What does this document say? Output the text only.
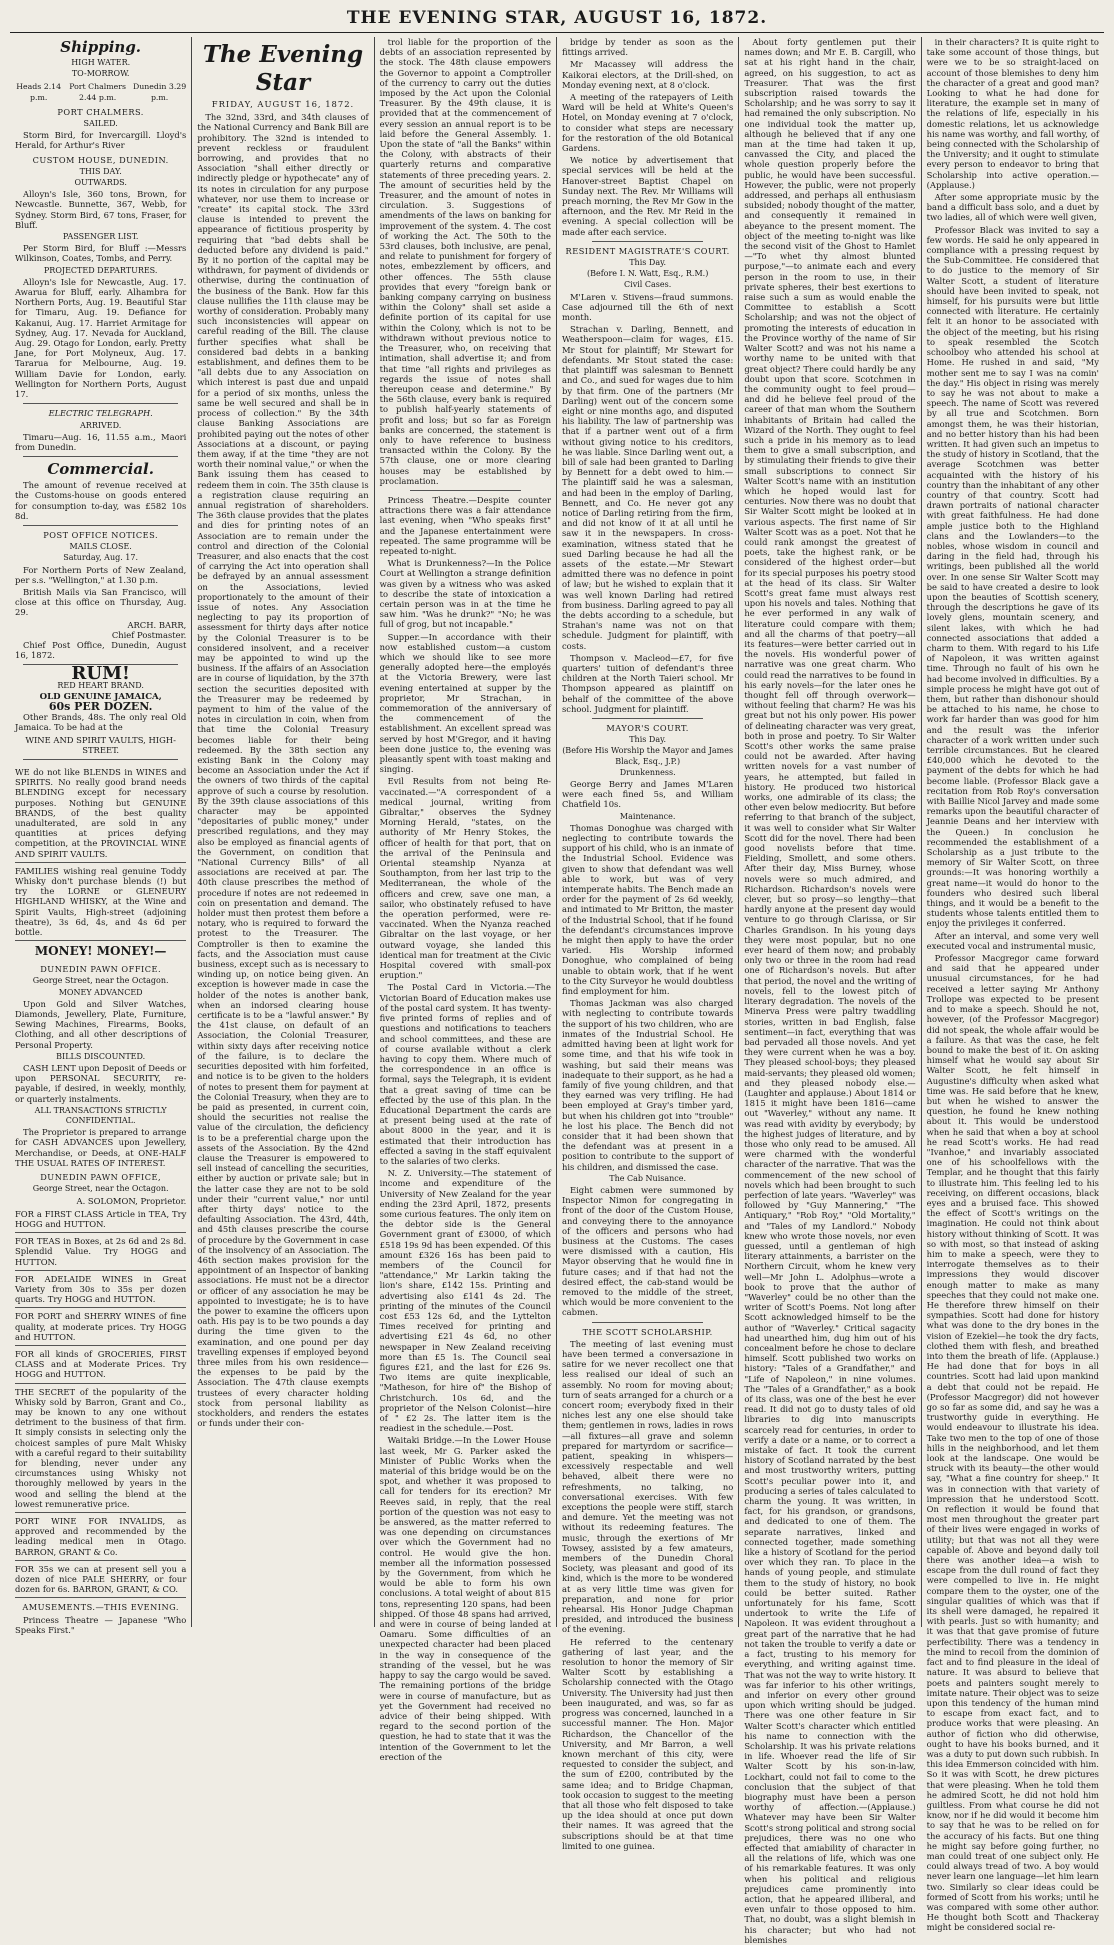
THE EVENING STAR, AUGUST 16, 1872.
Shipping.
HIGH WATER.
TO-MORROW.
Heads 2.14 p.m.
Port Chalmers 2.44 p.m.
Dunedin 3.29 p.m.
PORT CHALMERS.
SAILED.

Storm Bird, for Invercargill. Lloyd's Herald, for Arthur's River

CUSTOM HOUSE, DUNEDIN.
THIS DAY.
OUTWARDS.

Alloyn's Isle, 360 tons, Brown, for Newcastle. Bunnette, 367, Webb, for Sydney. Storm Bird, 67 tons, Fraser, for Bluff.

PASSENGER LIST.

Per Storm Bird, for Bluff :—Messrs Wilkinson, Coates, Tombs, and Perry.

PROJECTED DEPARTURES.

Alloyn's Isle for Newcastle, Aug. 17. Awarua for Bluff, early. Alhambra for Northern Ports, Aug. 19. Beautiful Star for Timaru, Aug. 19. Defiance for Kakanui, Aug. 17. Harriet Armitage for Sydney, Aug. 17. Nevada for Auckland, Aug. 29. Otago for London, early. Pretty Jane, for Port Molyneux, Aug. 17. Tararua for Melbourne, Aug. 19. William Davie for London, early. Wellington for Northern Ports, August 17.

ELECTRIC TELEGRAPH.
ARRIVED.

Timaru—Aug. 16, 11.55 a.m., Maori from Dunedin.

Commercial.

The amount of revenue received at the Customs-house on goods entered for consumption to-day, was £582 10s 8d.

POST OFFICE NOTICES.
MAILS CLOSE.
Saturday, Aug. 17.

For Northern Ports of New Zealand, per s.s. "Wellington," at 1.30 p.m.

British Mails via San Francisco, will close at this office on Thursday, Aug. 29.

ARCH. BARR,
Chief Postmaster.

Chief Post Office, Dunedin, August 16, 1872.

RUM!
RED HEART BRAND.
OLD GENUINE JAMAICA,
60s PER DOZEN.

Other Brands, 48s. The only real Old Jamaica. To be had at the

WINE AND SPIRIT VAULTS, HIGH-STREET.
WE do not like BLENDS in WINES and SPIRITS. No really good brand needs BLENDING except for necessary purposes. Nothing but GENUINE BRANDS, of the best quality unadulterated, are sold in any quantities at prices defying competition, at the PROVINCIAL WINE AND SPIRIT VAULTS.
FAMILIES wishing real genuine Toddy Whisky don't purchase blends (!) but try the LORNE or GLENEURY HIGHLAND WHISKY, at the Wine and Spirit Vaults, High-street (adjoining theatre), 3s 6d, 4s, and 4s 6d per bottle.
MONEY! MONEY!—
DUNEDIN PAWN OFFICE.
George Street, near the Octagon.
MONEY ADVANCED

Upon Gold and Silver Watches, Diamonds, Jewellery, Plate, Furniture, Sewing Machines, Firearms, Books, Clothing, and all other descriptions of Personal Property.

BILLS DISCOUNTED.

CASH LENT upon Deposit of Deeds or upon PERSONAL SECURITY, re-payable, if desired, in weekly, monthly, or quarterly instalments.

ALL TRANSACTIONS STRICTLY CONFIDENTIAL.

The Proprietor is prepared to arrange for CASH ADVANCES upon Jewellery, Merchandise, or Deeds, at ONE-HALF THE USUAL RATES OF INTEREST.

DUNEDIN PAWN OFFICE,
George Street, near the Octagon.
A. SOLOMON, Proprietor.
FOR a FIRST CLASS Article in TEA, Try HOGG and HUTTON.
FOR TEAS in Boxes, at 2s 6d and 2s 8d. Splendid Value. Try HOGG and HUTTON.
FOR ADELAIDE WINES in Great Variety from 30s to 35s per dozen quarts. Try HOGG and HUTTON.
FOR PORT and SHERRY WINES of fine quality, at moderate prices. Try HOGG and HUTTON.
FOR all kinds of GROCERIES, FIRST CLASS and at Moderate Prices. Try HOGG and HUTTON.
THE SECRET of the popularity of the Whisky sold by Barron, Grant and Co., may be known to any one without detriment to the business of that firm. It simply consists in selecting only the choicest samples of pure Malt Whisky with a careful regard to their suitability for blending, never under any circumstances using Whisky not thoroughly mellowed by years in the wood and selling the blend at the lowest remunerative price.
PORT WINE FOR INVALIDS, as approved and recommended by the leading medical men in Otago. BARRON, GRANT & Co.
FOR 35s we can at present sell you a dozen of nice PALE SHERRY, or four dozen for 6s. BARRON, GRANT, & CO.
AMUSEMENTS.—THIS EVENING.

Princess Theatre — Japanese "Who Speaks First."

The Evening Star
FRIDAY, AUGUST 16, 1872.

The 32nd, 33rd, and 34th clauses of the National Currency and Bank Bill are prohibitory. The 32nd is intended to prevent reckless or fraudulent borrowing, and provides that no Association "shall either directly or indirectly pledge or hypothecate" any of its notes in circulation for any purpose whatever, nor use them to increase or "create" its capital stock. The 33rd clause is intended to prevent the appearance of fictitious prosperity by requiring that "bad debts shall be deducted before any dividend is paid." By it no portion of the capital may be withdrawn, for payment of dividends or otherwise, during the continuation of the business of the Bank. How far this clause nullifies the 11th clause may be worthy of consideration. Probably many such inconsistencies will appear on careful reading of the Bill. The clause further specifies what shall be considered bad debts in a banking establishment, and defines them to be "all debts due to any Association on which interest is past due and unpaid for a period of six months, unless the same be well secured and shall be in process of collection." By the 34th clause Banking Associations are prohibited paying out the notes of other Associations at a discount, or paying them away, if at the time "they are not worth their nominal value," or when the Bank issuing them has ceased to redeem them in coin. The 35th clause is a registration clause requiring an annual registration of shareholders. The 36th clause provides that the plates and dies for printing notes of an Association are to remain under the control and direction of the Colonial Treasurer, and also enacts that the cost of carrying the Act into operation shall be defrayed by an annual assessment on the Associations, levied proportionately to the amount of their issue of notes. Any Association neglecting to pay its proportion of assessment for thirty days after notice by the Colonial Treasurer is to be considered insolvent, and a receiver may be appointed to wind up the business. If the affairs of an Association are in course of liquidation, by the 37th section the securities deposited with the Treasurer may be redeemed by payment to him of the value of the notes in circulation in coin, when from that time the Colonial Treasury becomes liable for their being redeemed. By the 38th section any existing Bank in the Colony may become an Association under the Act if the owners of two thirds of the capital approve of such a course by resolution. By the 39th clause associations of this character may be appointed "depositaries of public money," under prescribed regulations, and they may also be employed as financial agents of the Government, on condition that "National Currency Bills" of all associations are received at par. The 40th clause prescribes the method of procedure if notes are not redeemed in coin on presentation and demand. The holder must then protest them before a notary, who is required to forward the protest to the Treasurer. The Comptroller is then to examine the facts, and the Association must cause business, except such as is necessary to winding up, on notice being given. An exception is however made in case the holder of the notes is another bank, when an indorsed clearing house certificate is to be a "lawful answer." By the 41st clause, on default of an Association, the Colonial Treasurer, within sixty days after receiving notice of the failure, is to declare the securities deposited with him forfeited, and notice is to be given to the holders of notes to present them for payment at the Colonial Treasury, when they are to be paid as presented, in current coin, should the securities not realise the value of the circulation, the deficiency is to be a preferential charge upon the assets of the Association. By the 42nd clause the Treasurer is empowered to sell instead of cancelling the securities, either by auction or private sale; but in the latter case they are not to be sold under their "current value," nor until after thirty days' notice to the defaulting Association. The 43rd, 44th, and 45th clauses prescribe the course of procedure by the Government in case of the insolvency of an Association. The 46th section makes provision for the appointment of an Inspector of banking associations. He must not be a director or officer of any association he may be appointed to investigate; he is to have the power to examine the officers upon oath. His pay is to be two pounds a day during the time given to the examination, and one pound per day travelling expenses if employed beyond three miles from his own residence—the expenses to be paid by the Association. The 47th clause exempts trustees of every character holding stock from personal liability as stockholders, and renders the estates or funds under their con-

trol liable for the proportion of the debts of an association represented by the stock. The 48th clause empowers the Governor to appoint a Comptroller of the currency to carry out the duties imposed by the Act upon the Colonial Treasurer. By the 49th clause, it is provided that at the commencement of every session an annual report is to be laid before the General Assembly. 1. Upon the state of "all the Banks" within the Colony, with abstracts of their quarterly returns and comparative statements of three preceding years. 2. The amount of securities held by the Treasurer, and the amount of notes in circulation. 3. Suggestions of amendments of the laws on banking for improvement of the system. 4. The cost of working the Act. The 50th to the 53rd clauses, both inclusive, are penal, and relate to punishment for forgery of notes, embezzlement by officers, and other offences. The 55th clause provides that every "foreign bank or banking company carrying on business within the Colony" shall set aside a definite portion of its capital for use within the Colony, which is not to be withdrawn without previous notice to the Treasurer, who, on receiving that intimation, shall advertise it; and from that time "all rights and privileges as regards the issue of notes shall thereupon cease and determine." By the 56th clause, every bank is required to publish half-yearly statements of profit and loss; but so far as Foreign banks are concerned, the statement is only to have reference to business transacted within the Colony. By the 57th clause, one or more clearing houses may be established by proclamation.

Princess Theatre.—Despite counter attractions there was a fair attendance last evening, when "Who speaks first" and the Japanese entertainment were repeated. The same programme will be repeated to-night.

What is Drunkenness?—In the Police Court at Wellington a strange definition was given by a witness who was asked to describe the state of intoxication a certain person was in at the time he saw him. "Was he drunk?" "No; he was full of grog, but not incapable."

Supper.—In accordance with their now established custom—a custom which we should like to see more generally adopted here—the employés at the Victoria Brewery, were last evening entertained at supper by the proprietor, Mr Strachan, in commemoration of the anniversary of the commencement of the establishment. An excellent spread was served by host M'Gregor, and it having been done justice to, the evening was pleasantly spent with toast making and singing.

Evil Results from not being Re-vaccinated.—"A correspondent of a medical journal, writing from Gibraltar," observes the Sydney Morning Herald, "states, on the authority of Mr Henry Stokes, the officer of health for that port, that on the arrival of the Peninsula and Oriental steamship Nyanza at Southampton, from her last trip to the Mediterranean, the whole of the officers and crew, save one man, a sailor, who obstinately refused to have the operation performed, were re-vaccinated. When the Nyanza reached Gibraltar on the last voyage, or her outward voyage, she landed this identical man for treatment at the Civic Hospital covered with small-pox eruption."

The Postal Card in Victoria.—The Victorian Board of Education makes use of the postal card system. It has twenty-five printed forms of replies and of questions and notifications to teachers and school committees, and these are of course available without a clerk having to copy them. Where much of the correspondence in an office is formal, says the Telegraph, it is evident that a great saving of time can be effected by the use of this plan. In the Educational Department the cards are at present being used at the rate of about 8000 in the year, and it is estimated that their introduction has effected a saving in the staff equivalent to the salaries of two clerks.

N. Z. University.—The statement of income and expenditure of the University of New Zealand for the year ending the 23rd April, 1872, presents some curious features. The only item on the debtor side is the General Government grant of £3000, of which £518 19s 9d has been expended. Of this amount £326 16s has been paid to members of the Council for "attendance," Mr Larkin taking the lion's share, £142 15s. Printing and advertising also £141 4s 2d. The printing of the minutes of the Council cost £53 12s 6d, and the Lyttelton Times received for printing and advertising £21 4s 6d, no other newspaper in New Zealand receiving more than £5 1s. The Council seal figures £21, and the last for £26 9s. Two items are quite inexplicable, "Matheson, for hire of" the Bishop of Christchurch. 10s 6d, and the proprietor of the Nelson Colonist—hire of " £2 2s. The latter item is the readiest in the schedule.—Post.

Waitaki Bridge.—In the Lower House last week, Mr G. Parker asked the Minister of Public Works when the material of this bridge would be on the spot, and whether it was proposed to call for tenders for its erection? Mr Reeves said, in reply, that the real portion of the question was not easy to be answered, as the matter referred to was one depending on circumstances over which the Government had no control. He would give the hon. member all the information possessed by the Government, from which he would be able to form his own conclusions. A total weight of about 815 tons, representing 120 spans, had been shipped. Of those 48 spans had arrived, and were in course of being landed at Oamaru. Some difficulties of an unexpected character had been placed in the way in consequence of the stranding of the vessel, but he was happy to say the cargo would be saved. The remaining portions of the bridge were in course of manufacture, but as yet the Government had received no advice of their being shipped. With regard to the second portion of the question, he had to state that it was the intention of the Government to let the erection of the

bridge by tender as soon as the fittings arrived.

Mr Macassey will address the Kaikorai electors, at the Drill-shed, on Monday evening next, at 8 o'clock.

A meeting of the ratepayers of Leith Ward will be held at White's Queen's Hotel, on Monday evening at 7 o'clock, to consider what steps are necessary for the restoration of the old Botanical Gardens.

We notice by advertisement that special services will be held at the Hanover-street Baptist Chapel on Sunday next. The Rev. Mr Williams will preach morning, the Rev Mr Gow in the afternoon, and the Rev. Mr Reid in the evening. A special collection will be made after each service.

RESIDENT MAGISTRATE'S COURT.
This Day.
(Before I. N. Watt, Esq., R.M.)
Civil Cases.

M'Laren v. Stivens—fraud summons. Case adjourned till the 6th of next month.

Strachan v. Darling, Bennett, and Weatherspoon—claim for wages, £15. Mr Stout for plaintiff; Mr Stewart for defendants. Mr Stout stated the case: that plaintiff was salesman to Bennett and Co., and sued for wages due to him by that firm. One of the partners (Mr Darling) went out of the concern some eight or nine months ago, and disputed his liability. The law of partnership was that if a partner went out of a firm without giving notice to his creditors, he was liable. Since Darling went out, a bill of sale had been granted to Darling by Bennett for a debt owed to him.—The plaintiff said he was a salesman, and had been in the employ of Darling, Bennett, and Co. He never got any notice of Darling retiring from the firm, and did not know of it at all until he saw it in the newspapers. In cross-examination, witness stated that he sued Darling because he had all the assets of the estate.—Mr Stewart admitted there was no defence in point of law; but he wished to explain that it was well known Darling had retired from business. Darling agreed to pay all the debts according to a schedule, but Strahan's name was not on that schedule. Judgment for plaintiff, with costs.

Thompson v. Macleod—£7, for five quarters' tuition of defendant's three children at the North Taieri school. Mr Thompson appeared as plaintiff on behalf of the committee of the above school. Judgment for plaintiff.

MAYOR'S COURT.
This Day.
(Before His Worship the Mayor and James Black, Esq., J.P.)
Drunkenness.

George Berry and James M'Laren were each fined 5s, and William Chatfield 10s.

Maintenance.

Thomas Donoghue was charged with neglecting to contribute towards the support of his child, who is an inmate of the Industrial School. Evidence was given to show that defendant was well able to work, but was of very intemperate habits. The Bench made an order for the payment of 2s 6d weekly, and intimated to Mr Britton, the master of the Industrial School, that if he found the defendant's circumstances improve he might then apply to have the order varied. His Worship informed Donoghue, who complained of being unable to obtain work, that if he went to the City Surveyor he would doubtless find employment for him.

Thomas Jackman was also charged with neglecting to contribute towards the support of his two children, who are inmates of the Industrial School. He admitted having been at light work for some time, and that his wife took in washing, but said their means was inadequate to their support, as he had a family of five young children, and that they earned was very trifling. He had been employed at Gray's timber yard, but when his children got into "trouble" he lost his place. The Bench did not consider that it had been shown that the defendant was at present in a position to contribute to the support of his children, and dismissed the case.

The Cab Nuisance.

Eight cabmen were summoned by Inspector Nimon for congregating in front of the door of the Custom House, and conveying there to the annoyance of the officers and persons who had business at the Customs. The cases were dismissed with a caution, His Mayor observing that he would fine in future cases; and if that had not the desired effect, the cab-stand would be removed to the middle of the street, which would be more convenient to the cabmen.

THE SCOTT SCHOLARSHIP.

The meeting of last evening must have been termed a conversazione in satire for we never recollect one that less realised our ideal of such an assembly. No room for moving about; turn of seats arranged for a church or a concert room; everybody fixed in their niches lest any one else should take them; gentlemen in rows, ladies in rows—all fixtures—all grave and solemn prepared for martyrdom or sacrifice—patient, speaking in whispers—excessively respectable and well behaved, albeit there were no refreshments, no talking, no conversational exercises. With few exceptions the people were stiff, starch and demure. Yet the meeting was not without its redeeming features. The music, through the exertions of Mr Towsey, assisted by a few amateurs, members of the Dunedin Choral Society, was pleasant and good of its kind, which is the more to be wondered at as very little time was given for preparation, and none for prior rehearsal. His Honor Judge Chapman presided, and introduced the business of the evening.

He referred to the centenary gathering of last year, and the resolution to honor the memory of Sir Walter Scott by establishing a Scholarship connected with the Otago University. The University had just then been inaugurated, and was, so far as progress was concerned, launched in a successful manner. The Hon. Major Richardson, the Chancellor of the University, and Mr Barron, a well known merchant of this city, were requested to consider the subject, and the sum of £200, contributed by the same idea; and to Bridge Chapman, took occasion to suggest to the meeting that all those who felt disposed to take up the idea should at once put down their names. It was agreed that the subscriptions should be at that time limited to one guinea.

About forty gentlemen put their names down; and Mr E. B. Cargill, who sat at his right hand in the chair, agreed, on his suggestion, to act as Treasurer. That was the first subscription raised towards the Scholarship; and he was sorry to say it had remained the only subscription. No one individual took the matter up, although he believed that if any one man at the time had taken it up, canvassed the City, and placed the whole question properly before the public, he would have been successful. However, the public, were not properly addressed, and perhaps all enthusiasm subsided; nobody thought of the matter, and consequently it remained in abeyance to the present moment. The object of the meeting to-night was like the second visit of the Ghost to Hamlet—"To whet thy almost blunted purpose,"—to animate each and every person in the room to use, in their private spheres, their best exertions to raise such a sum as would enable the Committee to establish a Scott Scholarship; and was not the object of promoting the interests of education in the Province worthy of the name of Sir Walter Scott? and was not his name a worthy name to be united with that great object? There could hardly be any doubt upon that score. Scotchmen in the community ought to feel proud—and did he believe feel proud of the career of that man whom the Southern inhabitants of Britain had called the Wizard of the North. They ought to feel such a pride in his memory as to lead them to give a small subscription, and by stimulating their friends to give their small subscriptions to connect Sir Walter Scott's name with an institution which he hoped would last for centuries. Now there was no doubt that Sir Walter Scott might be looked at in various aspects. The first name of Sir Walter Scott was as a poet. Not that he could rank amongst the greatest of poets, take the highest rank, or be considered of the highest order—but for its special purposes his poetry stood at the head of its class. Sir Walter Scott's great fame must always rest upon his novels and tales. Nothing that he ever performed in any walk of literature could compare with them; and all the charms of that poetry—all its features—were better carried out in the novels. His wonderful power of narrative was one great charm. Who could read the narratives to be found in his early novels—for the later ones he thought fell off through overwork—without feeling that charm? He was his great but not his only power. His power of delineating character was very great, both in prose and poetry. To Sir Walter Scott's other works the same praise could not be awarded. After having written novels for a vast number of years, he attempted, but failed in history. He produced two historical works, one admirable of its class; the other even below mediocrity. But before referring to that branch of the subject, it was well to consider what Sir Walter Scott did for the novel. There had been good novelists before that time. Fielding, Smollett, and some others. After their day, Miss Burney, whose novels were so much admired, and Richardson. Richardson's novels were clever, but so prosy—so lengthy—that hardly anyone at the present day would venture to go through Clarissa, or Sir Charles Grandison. In his young days they were most popular, but no one ever heard of them now; and probably only two or three in the room had read one of Richardson's novels. But after that period, the novel and the writing of novels, fell to the lowest pitch of literary degradation. The novels of the Minerva Press were paltry twaddling stories, written in bad English, false sentiment—in fact, everything that was bad pervaded all those novels. And yet they were current when he was a boy. They pleased school-boys; they pleased maid-servants; they pleased old women; and they pleased nobody else.—(Laughter and applause.) About 1814 or 1815 it might have been 1816—came out "Waverley," without any name. It was read with avidity by everybody; by the highest judges of literature, and by those who only read to be amused. All were charmed with the wonderful character of the narrative. That was the commencement of the new school of novels which had been brought to such perfection of late years. "Waverley" was followed by "Guy Mannering," "The Antiquary," "Rob Roy," "Old Mortality," and "Tales of my Landlord." Nobody knew who wrote those novels, nor even guessed, until a gentleman of high literary attainments, a barrister on the Northern Circuit, whom he knew very well—Mr John L. Adolphus—wrote a book to prove that the author of "Waverley" could be no other than the writer of Scott's Poems. Not long after Scott acknowledged himself to be the author of "Waverley." Critical sagacity had unearthed him, dug him out of his concealment before he chose to declare himself. Scott published two works on history: "Tales of a Grandfather," and "Life of Napoleon," in nine volumes. The "Tales of a Grandfather," as a book of its class, was one of the best he ever read. It did not go to dusty tales of old libraries to dig into manuscripts scarcely read for centuries, in order to verify a date or a name, or to correct a mistake of fact. It took the current history of Scotland narrated by the best and most trustworthy writers, putting Scott's peculiar power into it, and producing a series of tales calculated to charm the young. It was written, in fact, for his grandson, or grandsons, and dedicated to one of them. The separate narratives, linked and connected together, made something like a history of Scotland for the period over which they ran. To place in the hands of young people, and stimulate them to the study of history, no book could be better suited. Rather unfortunately for his fame, Scott undertook to write the Life of Napoleon. It was evident throughout a great part of the narrative that he had not taken the trouble to verify a date or a fact, trusting to his memory for everything, and writing against time. That was not the way to write history. It was far inferior to his other writings, and inferior on every other ground upon which writing should be judged. There was one other feature in Sir Walter Scott's character which entitled his name to connection with the Scholarship. It was his private relations in life. Whoever read the life of Sir Walter Scott by his son-in-law, Lockhart, could not fail to come to the conclusion that the subject of that biography must have been a person worthy of affection.—(Applause.) Whatever may have been Sir Walter Scott's strong political and strong social prejudices, there was no one who effected that amiability of character in all the relations of life, which was one of his remarkable features. It was only when his political and religious prejudices came prominently into action, that he appeared illiberal, and even unfair to those opposed to him. That, no doubt, was a slight blemish in his character; but who had not blemishes

in their characters? It is quite right to take some account of those things, but were we to be so straight-laced on account of those blemishes to deny him the character of a great and good man? Looking to what he had done for literature, the example set in many of the relations of life, especially in his domestic relations, let us acknowledge his name was worthy, and fall worthy, of being connected with the Scholarship of the University; and it ought to stimulate every person to endeavor to bring that Scholarship into active operation.—(Applause.)

After some appropriate music by the band a difficult bass solo, and a duet by two ladies, all of which were well given,

Professor Black was invited to say a few words. He said he only appeared in compliance with a pressing request by the Sub-Committee. He considered that to do justice to the memory of Sir Walter Scott, a student of literature should have been invited to speak, not himself, for his pursuits were but little connected with literature. He certainly felt it an honor to be associated with the object of the meeting, but his rising to speak resembled the Scotch schoolboy who attended his school at Home. He rushed in and said, "My mother sent me to say I was na comin' the day." His object in rising was merely to say he was not about to make a speech. The name of Scott was revered by all true and Scotchmen. Born amongst them, he was their historian, and no better history than his had been written. It had given such an impetus to the study of history in Scotland, that the average Scotchmen was better acquainted with the history of his country than the inhabitant of any other country of that country. Scott had drawn portraits of national character with great faithfulness. He had done ample justice both to the Highland clans and the Lowlanders—to the nobles, whose wisdom in council and daring in the field had, through his writings, been published all the world over. In one sense Sir Walter Scott may be said to have created a desire to look upon the beauties of Scottish scenery, through the descriptions he gave of its lovely glens, mountain scenery, and silent lakes, with which he had connected associations that added a charm to them. With regard to his Life of Napoleon, it was written against time. Through no fault of his own he had become involved in difficulties. By a simple process he might have got out of them, but rather than dishonour should be attached to his name, he chose to work far harder than was good for him and the result was the inferior character of a work written under such terrible circumstances. But he cleared £40,000 which he devoted to the payment of the debts for which he had become liable. (Professor Black gave a recitation from Rob Roy's conversation with Baillie Nicol Jarvey and made some remarks upon the beautiful character of Jeannie Deans and her interview with the Queen.) In conclusion he recommended the establishment of a Scholarship as a just tribute to the memory of Sir Walter Scott, on three grounds:—It was honoring worthily a great name—it would do honor to the founders who desired such liberal things, and it would be a benefit to the students whose talents entitled them to enjoy the privileges it conferred.

After an interval, and some very well executed vocal and instrumental music,

Professor Macgregor came forward and said that he appeared under unusual circumstances, for he had received a letter saying Mr Anthony Trollope was expected to be present and to make a speech. Should he not, however, (of the Professor Macgregor) did not speak, the whole affair would be a failure. As that was the case, he felt bound to make the best of it. On asking himself what he would say about Sir Walter Scott, he felt himself in Augustine's difficulty when asked what time was. He said before that he knew, but when he wished to answer the question, he found he knew nothing about it. This would be understood when he said that when a boy at school he read Scott's works. He had read "Ivanhoe," and invariably associated one of his schoolfellows with the Templar, and he thought that this fairly to illustrate him. This feeling led to his receiving, on different occasions, black eyes and a bruised face. This showed the effect of Scott's writings on the imagination. He could not think about history without thinking of Scott. It was so with most, so that instead of asking him to make a speech, were they to interrogate themselves as to their impressions they would discover enough matter to make as many speeches that they could not make one. He therefore threw himself on their sympathies. Scott had done for history what was done to the dry bones in the vision of Ezekiel—he took the dry facts, clothed them with flesh, and breathed into them the breath of life. (Applause.) He had done that for boys in all countries. Scott had laid upon mankind a debt that could not be repaid. He (Professor Macgregor) did not however go so far as some did, and say he was a trustworthy guide in everything. He would endeavour to illustrate his idea. Take two men to the top of one of those hills in the neighborhood, and let them look at the landscape. One would be struck with its beauty—the other would say, "What a fine country for sheep." It was in connection with that variety of impression that he understood Scott. On reflection it would be found that most men throughout the greater part of their lives were engaged in works of utility; but that was not all they were capable of. Above and beyond daily toil there was another idea—a wish to escape from the dull round of fact they were compelled to live in. He might compare them to the oyster, one of the singular qualities of which was that if its shell were damaged, he repaired it with pearls. Just so with humanity; and it was that that gave promise of future perfectibility. There was a tendency in the mind to recoil from the dominion of fact and to find pleasure in the ideal of nature. It was absurd to believe that poets and painters sought merely to imitate nature. Their object was to seize upon this tendency of the human mind to escape from exact fact, and to produce works that were pleasing. An author of fiction who did otherwise, ought to have his books burned, and it was a duty to put down such rubbish. In this idea Emmerson coincided with him. So it was with Scott, he drew pictures that were pleasing. When he told them he admired Scott, he did not hold him guiltless. From what course he did not know, nor if he did would it become him to say that he was to be relied on for the accuracy of his facts. But one thing he might say before going further, no man could treat of one subject only. He could always tread of two. A boy would never learn one language—let him learn two. Similarly so clear ideas could be formed of Scott from his works; until he was compared with some other author. He thought both Scott and Thackeray might be considered social re-
